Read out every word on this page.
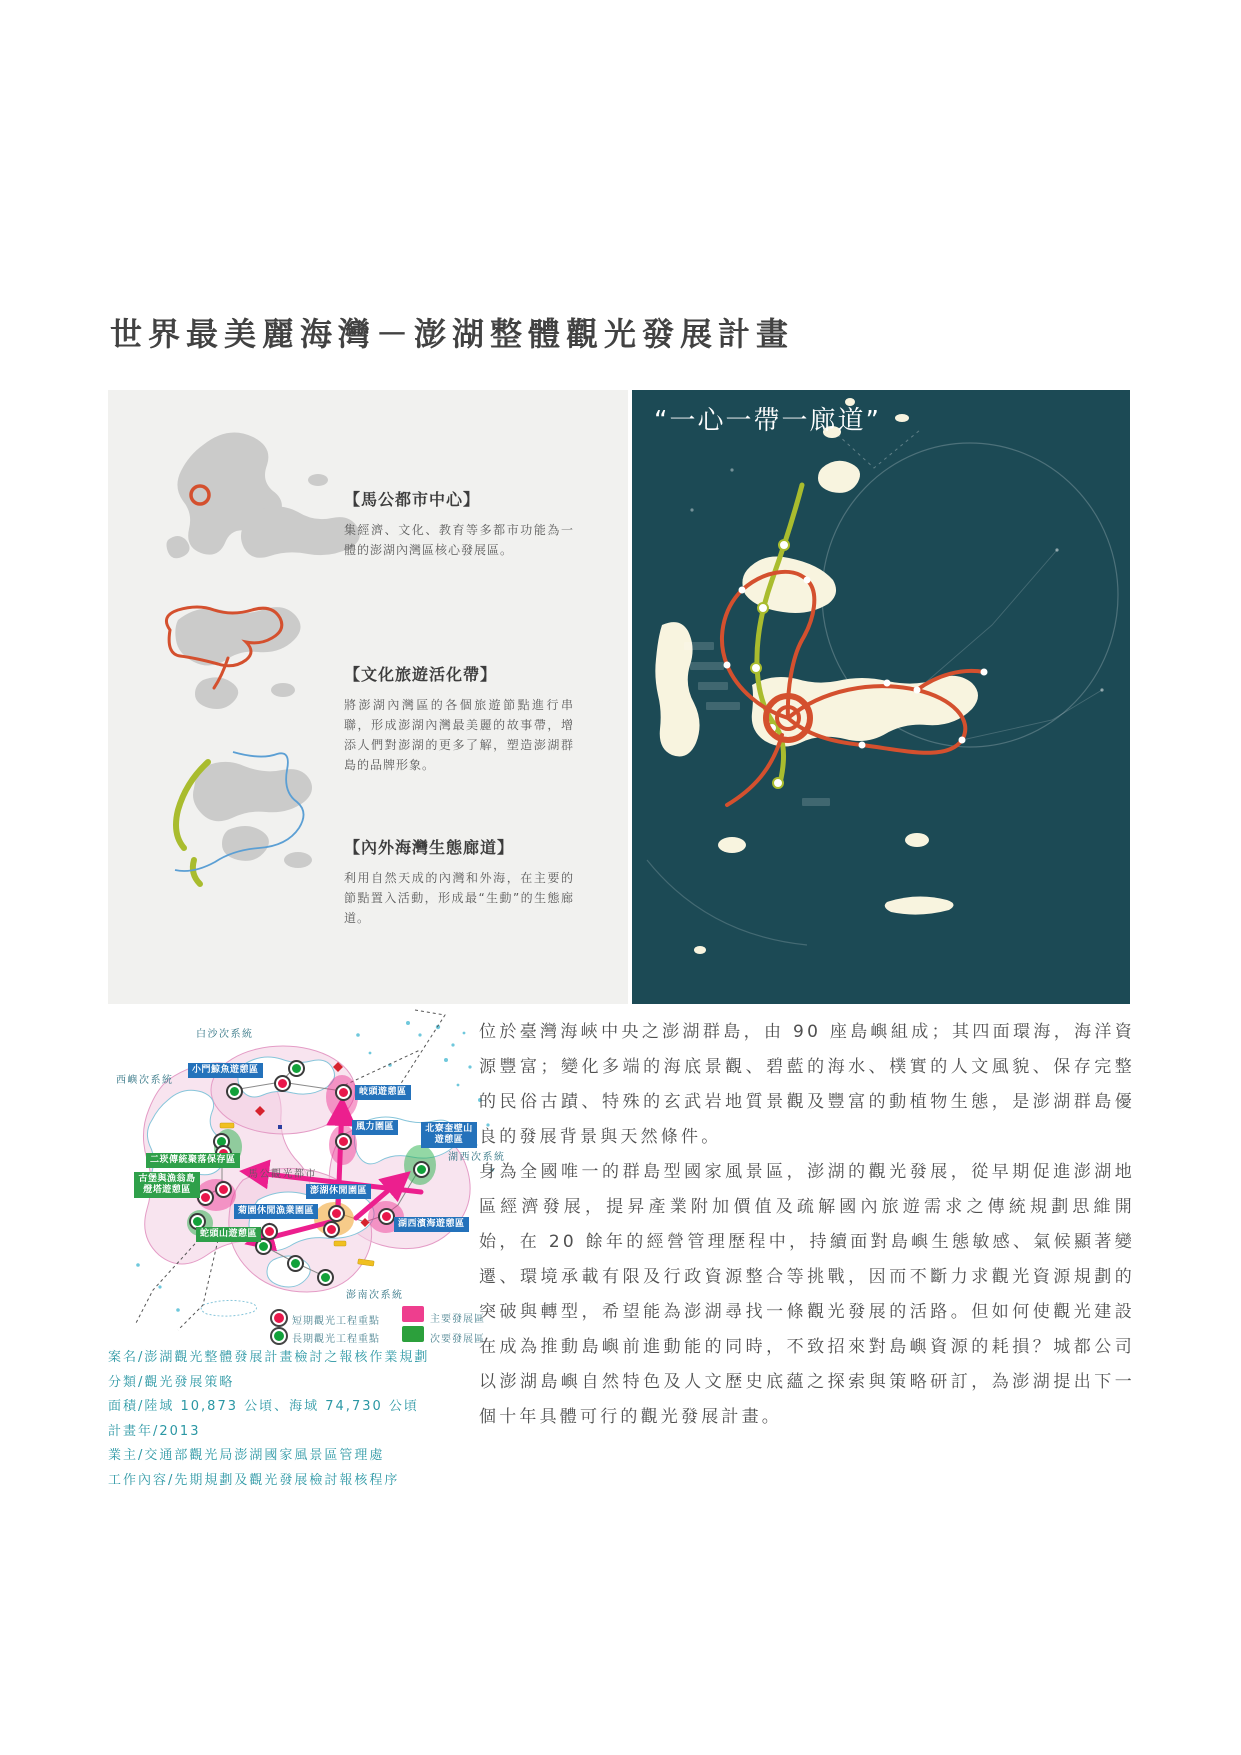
世界最美麗海灣－澎湖整體觀光發展計畫

【馬公都市中心】

集經濟、文化、教育等多都市功能為一體的澎湖內灣區核心發展區。

【文化旅遊活化帶】

將澎湖內灣區的各個旅遊節點進行串聯，形成澎湖內灣最美麗的故事帶，增添人們對澎湖的更多了解，塑造澎湖群島的品牌形象。

【內外海灣生態廊道】

利用自然天成的內灣和外海，在主要的節點置入活動，形成最“生動”的生態廊道。

“一心一帶一廊道”
白沙次系統
西嶼次系統
湖西次系統
澎南次系統
馬公觀光都市
小門鯨魚遊憩區
岐頭遊憩區
風力園區	北寮奎壁山遊憩區
澎湖休閒園區
菊園休閒漁業園區
湖西濱海遊憩區
二崁傳統聚落保存區
古堡與漁翁島燈塔遊憩區
蛇頭山遊憩區
短期觀光工程重點
長期觀光工程重點
主要發展區
次要發展區
案名/澎湖觀光整體發展計畫檢討之報核作業規劃
分類/觀光發展策略
面積/陸域 10,873 公頃、海域 74,730 公頃
計畫年/2013
業主/交通部觀光局澎湖國家風景區管理處
工作內容/先期規劃及觀光發展檢討報核程序

位於臺灣海峽中央之澎湖群島，由 90 座島嶼組成；其四面環海，海洋資源豐富；變化多端的海底景觀、碧藍的海水、樸實的人文風貌、保存完整的民俗古蹟、特殊的玄武岩地質景觀及豐富的動植物生態，是澎湖群島優良的發展背景與天然條件。

身為全國唯一的群島型國家風景區，澎湖的觀光發展，從早期促進澎湖地區經濟發展，提昇產業附加價值及疏解國內旅遊需求之傳統規劃思維開始，在 20 餘年的經營管理歷程中，持續面對島嶼生態敏感、氣候顯著變遷、環境承載有限及行政資源整合等挑戰，因而不斷力求觀光資源規劃的突破與轉型，希望能為澎湖尋找一條觀光發展的活路。但如何使觀光建設在成為推動島嶼前進動能的同時，不致招來對島嶼資源的耗損？城都公司以澎湖島嶼自然特色及人文歷史底蘊之探索與策略研訂，為澎湖提出下一個十年具體可行的觀光發展計畫。
